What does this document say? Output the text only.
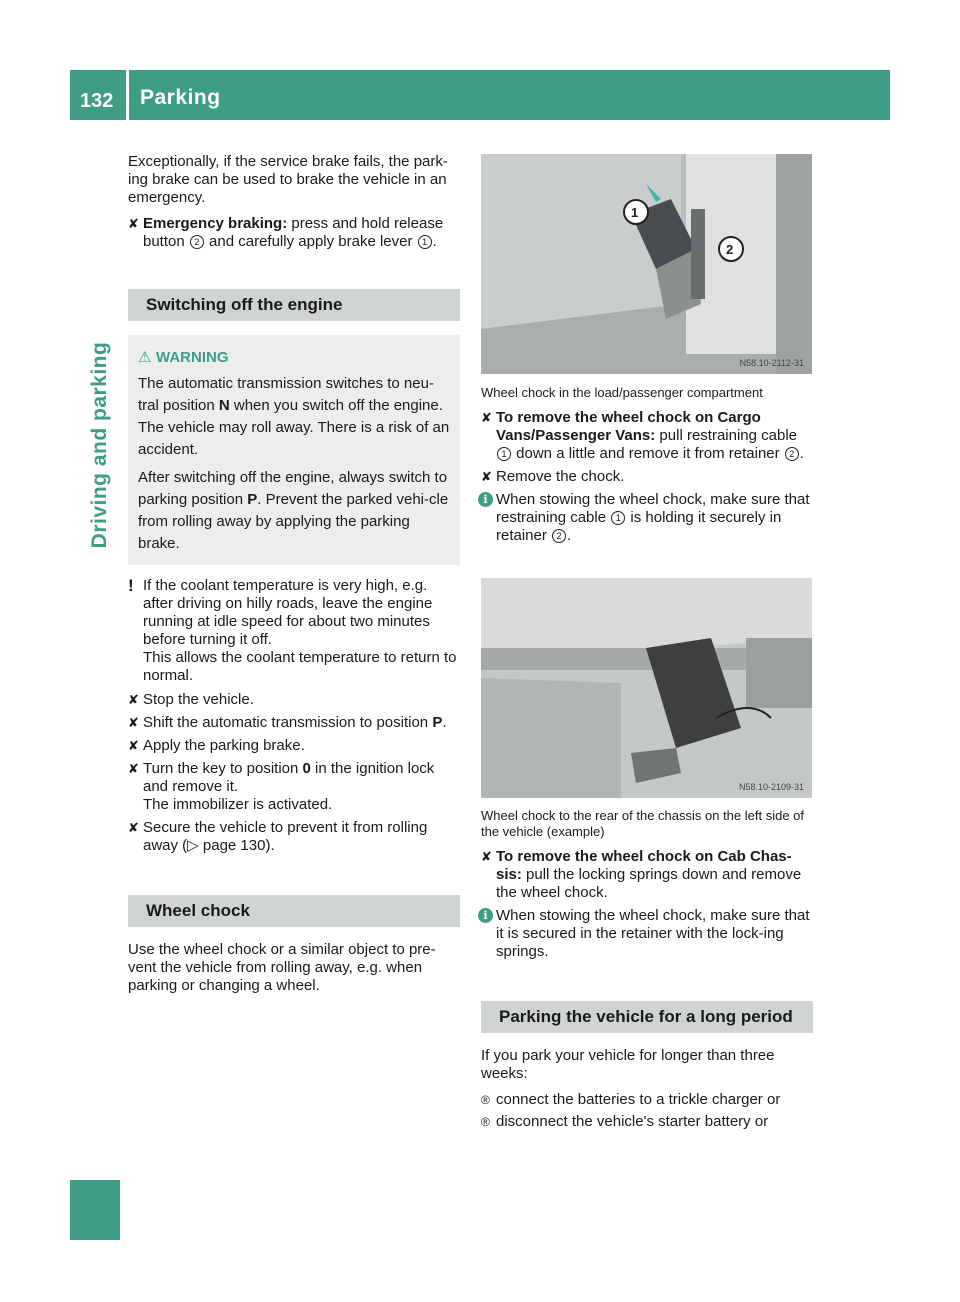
132 Parking
Driving and parking

Exceptionally, if the service brake fails, the park-ing brake can be used to brake the vehicle in an emergency.

✘ Emergency braking: press and hold release button 2 and carefully apply brake lever 1 .
Switching off the engine
⚠ WARNING

The automatic transmission switches to neu-tral position N when you switch off the engine. The vehicle may roll away. There is a risk of an accident.

After switching off the engine, always switch to parking position P. Prevent the parked vehi-cle from rolling away by applying the parking brake.

! If the coolant temperature is very high, e.g. after driving on hilly roads, leave the engine running at idle speed for about two minutes before turning it off.

This allows the coolant temperature to return to normal.

✘ Stop the vehicle.
✘ Shift the automatic transmission to position P.
✘ Apply the parking brake.
✘ Turn the key to position 0 in the ignition lock and remove it.
The immobilizer is activated.
✘ Secure the vehicle to prevent it from rolling away (▷ page 130).
Wheel chock

Use the wheel chock or a similar object to pre-vent the vehicle from rolling away, e.g. when parking or changing a wheel.

1
2
N58.10-2112-31
N58.10-2109-31

Wheel chock in the load/passenger compartment

✘ To remove the wheel chock on Cargo Vans/Passenger Vans: pull restraining cable 1 down a little and remove it from retainer 2 .
✘ Remove the chock.
i When stowing the wheel chock, make sure that restraining cable 1 is holding it securely in retainer 2 .

Wheel chock to the rear of the chassis on the left side of the vehicle (example)

✘ To remove the wheel chock on Cab Chas-sis: pull the locking springs down and remove the wheel chock.
i When stowing the wheel chock, make sure that it is secured in the retainer with the lock-ing springs.
Parking the vehicle for a long period

If you park your vehicle for longer than three weeks:

® connect the batteries to a trickle charger or
® disconnect the vehicle's starter battery or
